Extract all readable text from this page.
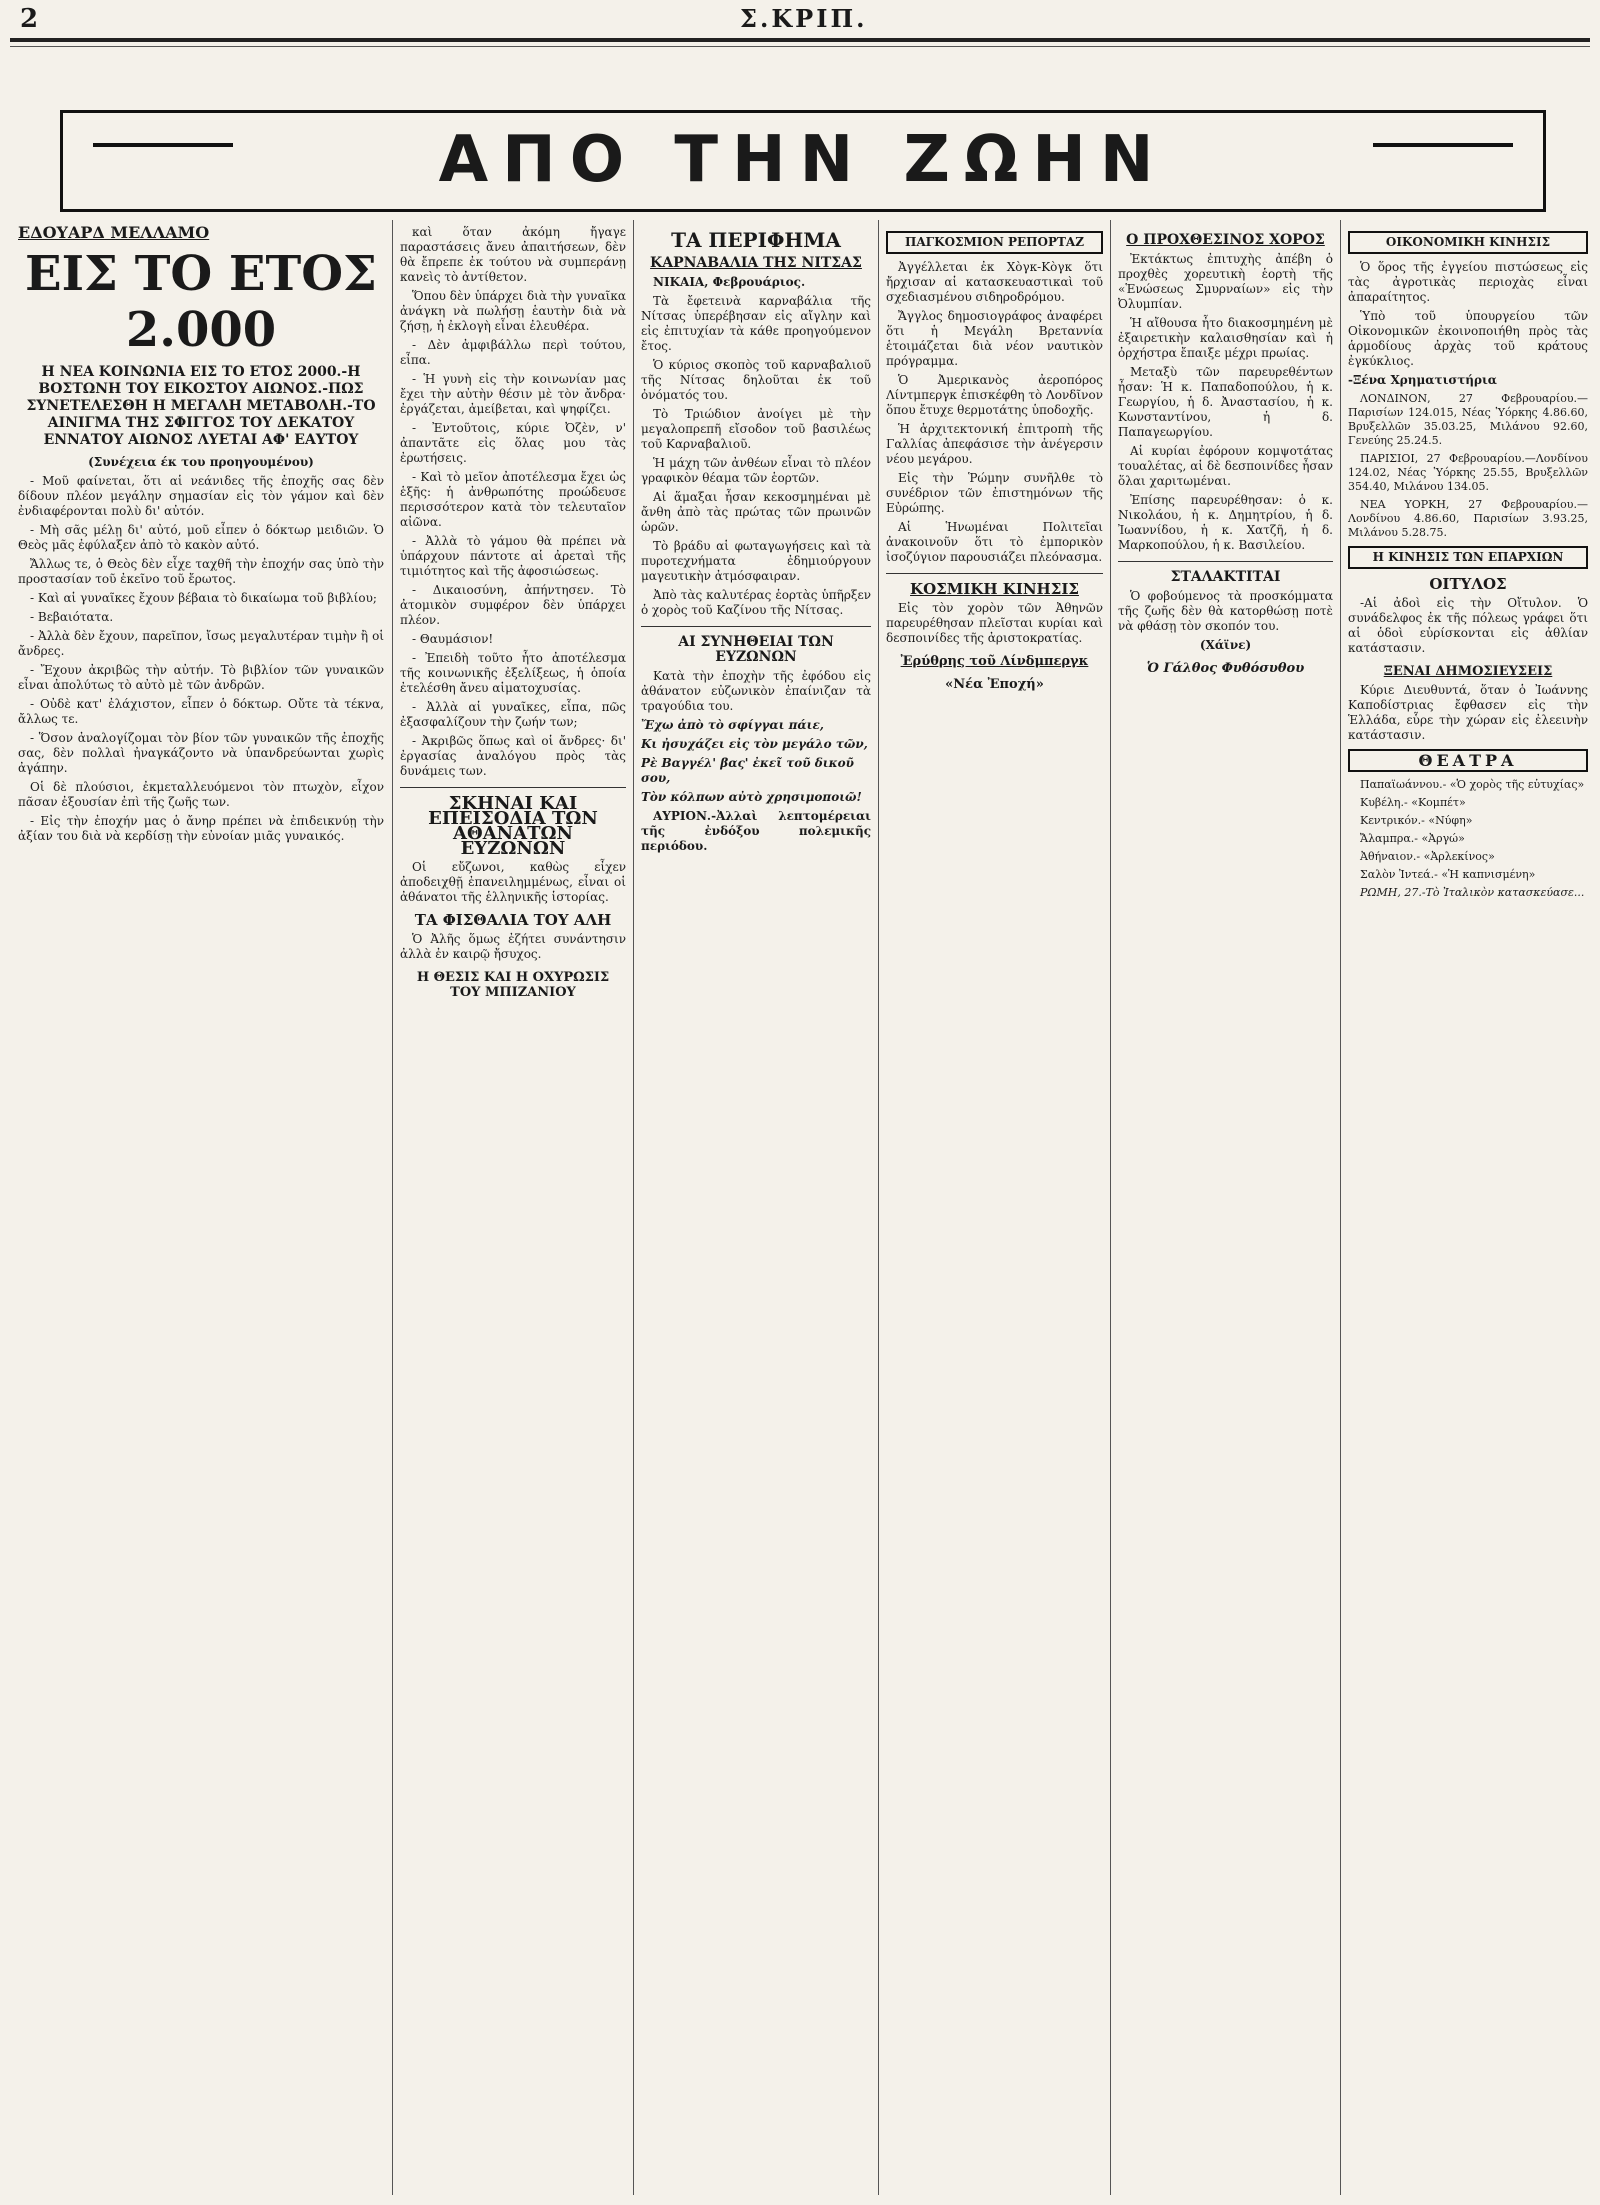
2	Σ.ΚΡΙΠ.
ΑΠΟ ΤΗΝ ΖΩΗΝ
ΕΔΟΥΑΡΔ ΜΕΛΛΑΜΟ
ΕΙΣ ΤΟ ΕΤΟΣ 2.000
Η ΝΕΑ ΚΟΙΝΩΝΙΑ ΕΙΣ ΤΟ ΕΤΟΣ 2000.-Η ΒΟΣΤΩΝΗ ΤΟΥ ΕΙΚΟΣΤΟΥ ΑΙΩΝΟΣ.-ΠΩΣ ΣΥΝΕΤΕΛΕΣΘΗ Η ΜΕΓΑΛΗ ΜΕΤΑΒΟΛΗ.-ΤΟ ΑΙΝΙΓΜΑ ΤΗΣ ΣΦΙΓΓΟΣ ΤΟΥ ΔΕΚΑΤΟΥ ΕΝΝΑΤΟΥ ΑΙΩΝΟΣ ΛΥΕΤΑΙ ΑΦ' ΕΑΥΤΟΥ

(Συνέχεια έκ του προηγουμένου)

- Μοῦ φαίνεται, ὅτι αἱ νεάνιδες τῆς ἐποχῆς σας δὲν δίδουν πλέον μεγάλην σημασίαν εἰς τὸν γάμον καὶ δὲν ἐνδιαφέρονται πολὺ δι' αὐτόν.

- Μὴ σᾶς μέλῃ δι' αὐτό, μοῦ εἶπεν ὁ δόκτωρ μειδιῶν. Ὁ Θεὸς μᾶς ἐφύλαξεν ἀπὸ τὸ κακὸν αὐτό.

Ἄλλως τε, ὁ Θεὸς δὲν εἶχε ταχθῆ τὴν ἐποχήν σας ὑπὸ τὴν προστασίαν τοῦ ἐκεῖνο τοῦ ἔρωτος.

- Καὶ αἱ γυναῖκες ἔχουν βέβαια τὸ δικαίωμα τοῦ βιβλίου;

- Βεβαιότατα.

- Ἀλλὰ δὲν ἔχουν, παρεῖπον, ἴσως μεγαλυτέραν τιμὴν ἢ οἱ ἄνδρες.

- Ἔχουν ἀκριβῶς τὴν αὐτήν. Τὸ βιβλίον τῶν γυναικῶν εἶναι ἀπολύτως τὸ αὐτὸ μὲ τῶν ἀνδρῶν.

- Οὐδὲ κατ' ἐλάχιστον, εἶπεν ὁ δόκτωρ. Οὔτε τὰ τέκνα, ἄλλως τε.

- Ὅσον ἀναλογίζομαι τὸν βίον τῶν γυναικῶν τῆς ἐποχῆς σας, δὲν πολλαὶ ἠναγκάζοντο νὰ ὑπανδρεύωνται χωρὶς ἀγάπην.

Οἱ δὲ πλούσιοι, ἐκμεταλλευόμενοι τὸν πτωχὸν, εἶχον πᾶσαν ἐξουσίαν ἐπὶ τῆς ζωῆς των.

- Εἰς τὴν ἐποχήν μας ὁ ἄνηρ πρέπει νὰ ἐπιδεικνύῃ τὴν ἀξίαν του διὰ νὰ κερδίσῃ τὴν εὐνοίαν μιᾶς γυναικός.

καὶ ὅταν ἀκόμη ἤγαγε παραστάσεις ἄνευ ἀπαιτήσεων, δὲν θὰ ἔπρεπε ἐκ τούτου νὰ συμπεράνῃ κανεὶς τὸ ἀντίθετον.

Ὅπου δὲν ὑπάρχει διὰ τὴν γυναῖκα ἀνάγκη νὰ πωλήσῃ ἑαυτὴν διὰ νὰ ζήσῃ, ἡ ἐκλογὴ εἶναι ἐλευθέρα.

- Δὲν ἀμφιβάλλω περὶ τούτου, εἶπα.

- Ἡ γυνὴ εἰς τὴν κοινωνίαν μας ἔχει τὴν αὐτὴν θέσιν μὲ τὸν ἄνδρα· ἐργάζεται, ἀμείβεται, καὶ ψηφίζει.

- Ἐντοῦτοις, κύριε Ὀζὲν, ν' ἀπαντᾶτε εἰς ὅλας μου τὰς ἐρωτήσεις.

- Καὶ τὸ μεῖον ἀποτέλεσμα ἔχει ὡς ἑξῆς: ἡ ἀνθρωπότης προώδευσε περισσότερον κατὰ τὸν τελευταῖον αἰῶνα.

- Ἀλλὰ τὸ γάμου θὰ πρέπει νὰ ὑπάρχουν πάντοτε αἱ ἀρεταὶ τῆς τιμιότητος καὶ τῆς ἀφοσιώσεως.

- Δικαιοσύνη, ἀπήντησεν. Τὸ ἀτομικὸν συμφέρον δὲν ὑπάρχει πλέον.

- Θαυμάσιον!

- Ἐπειδὴ τοῦτο ἦτο ἀποτέλεσμα τῆς κοινωνικῆς ἐξελίξεως, ἡ ὁποία ἐτελέσθη ἄνευ αἱματοχυσίας.

- Ἀλλὰ αἱ γυναῖκες, εἶπα, πῶς ἐξασφαλίζουν τὴν ζωήν των;

- Ἀκριβῶς ὅπως καὶ οἱ ἄνδρες· δι' ἐργασίας ἀναλόγου πρὸς τὰς δυνάμεις των.

ΣΚΗΝΑΙ ΚΑΙ ΕΠΕΙΣΟΔΙΑ ΤΩΝ ΑΘΑΝΑΤΩΝ ΕΥΖΩΝΩΝ

Οἱ εὔζωνοι, καθὼς εἶχεν ἀποδειχθῇ ἐπανειλημμένως, εἶναι οἱ ἀθάνατοι τῆς ἑλληνικῆς ἱστορίας.

ΤΑ ΦΙΣΘΑΛΙΑ ΤΟΥ ΑΛΗ

Ὁ Ἀλῆς ὅμως ἐζήτει συνάντησιν ἀλλὰ ἐν καιρῷ ἤσυχος.

Η ΘΕΣΙΣ ΚΑΙ Η ΟΧΥΡΩΣΙΣ ΤΟΥ ΜΠΙΖΑΝΙΟΥ
ΤΑ ΠΕΡΙΦΗΜΑ
ΚΑΡΝΑΒΑΛΙΑ ΤΗΣ ΝΙΤΣΑΣ

ΝΙΚΑΙΑ, Φεβρουάριος.

Τὰ ἔφετεινὰ καρναβάλια τῆς Νίτσας ὑπερέβησαν εἰς αἴγλην καὶ εἰς ἐπιτυχίαν τὰ κάθε προηγούμενον ἔτος.

Ὁ κύριος σκοπὸς τοῦ καρναβαλιοῦ τῆς Νίτσας δηλοῦται ἐκ τοῦ ὀνόματός του.

Τὸ Τριώδιον ἀνοίγει μὲ τὴν μεγαλοπρεπῆ εἴσοδον τοῦ βασιλέως τοῦ Καρναβαλιοῦ.

Ἡ μάχη τῶν ἀνθέων εἶναι τὸ πλέον γραφικὸν θέαμα τῶν ἑορτῶν.

Αἱ ἅμαξαι ἦσαν κεκοσμημέναι μὲ ἄνθη ἀπὸ τὰς πρώτας τῶν πρωινῶν ὡρῶν.

Τὸ βράδυ αἱ φωταγωγήσεις καὶ τὰ πυροτεχνήματα ἐδημιούργουν μαγευτικὴν ἀτμόσφαιραν.

Ἀπὸ τὰς καλυτέρας ἑορτὰς ὑπῆρξεν ὁ χορὸς τοῦ Καζίνου τῆς Νίτσας.

ΑΙ ΣΥΝΗΘΕΙΑΙ ΤΩΝ ΕΥΖΩΝΩΝ

Κατὰ τὴν ἐποχὴν τῆς ἐφόδου εἰς ἀθάνατον εὐζωνικὸν ἐπαίνιζαν τὰ τραγούδια του.

Ἔχω ἀπὸ τὸ σφίγγαι πάιε,

Κι ἠσυχάζει εἰς τὸν μεγάλο τῶν,

Ρὲ Βαγγέλ' βας' ἐκεῖ τοῦ δικοῦ σου,

Τὸν κόλπων αὐτὸ χρησιμοποιῶ!

ΑΥΡΙΟΝ.-Ἀλλαὶ λεπτομέρειαι τῆς ἐνδόξου πολεμικῆς περιόδου.

ΠΑΓΚΟΣΜΙΟΝ ΡΕΠΟΡΤΑΖ

Ἀγγέλλεται ἐκ Χὸγκ-Κὸγκ ὅτι ἤρχισαν αἱ κατασκευαστικαὶ τοῦ σχεδιασμένου σιδηροδρόμου.

Ἄγγλος δημοσιογράφος ἀναφέρει ὅτι ἡ Μεγάλη Βρεταννία ἑτοιμάζεται διὰ νέον ναυτικὸν πρόγραμμα.

Ὁ Ἀμερικανὸς ἀεροπόρος Λίντμπεργκ ἐπισκέφθη τὸ Λονδῖνον ὅπου ἔτυχε θερμοτάτης ὑποδοχῆς.

Ἡ ἀρχιτεκτονική ἐπιτροπὴ τῆς Γαλλίας ἀπεφάσισε τὴν ἀνέγερσιν νέου μεγάρου.

Εἰς τὴν Ῥώμην συνῆλθε τὸ συνέδριον τῶν ἐπιστημόνων τῆς Εὐρώπης.

Αἱ Ἡνωμέναι Πολιτεῖαι ἀνακοινοῦν ὅτι τὸ ἐμπορικὸν ἰσοζύγιον παρουσιάζει πλεόνασμα.

ΚΟΣΜΙΚΗ ΚΙΝΗΣΙΣ

Εἰς τὸν χορὸν τῶν Ἀθηνῶν παρευρέθησαν πλεῖσται κυρίαι καὶ δεσποινίδες τῆς ἀριστοκρατίας.

Ἐρύθρης τοῦ Λίνδμπεργκ
«Νέα Ἐποχή»
Ο ΠΡΟΧΘΕΣΙΝΟΣ ΧΟΡΟΣ

Ἐκτάκτως ἐπιτυχὴς ἀπέβη ὁ προχθὲς χορευτικὴ ἑορτὴ τῆς «Ἑνώσεως Σμυρναίων» εἰς τὴν Ὀλυμπίαν.

Ἡ αἴθουσα ἦτο διακοσμημένη μὲ ἐξαιρετικὴν καλαισθησίαν καὶ ἡ ὀρχήστρα ἔπαιξε μέχρι πρωίας.

Μεταξὺ τῶν παρευρεθέντων ἦσαν: Ἡ κ. Παπαδοπούλου, ἡ κ. Γεωργίου, ἡ δ. Ἀναστασίου, ἡ κ. Κωνσταντίνου, ἡ δ. Παπαγεωργίου.

Αἱ κυρίαι ἐφόρουν κομψοτάτας τουαλέτας, αἱ δὲ δεσποινίδες ἦσαν ὅλαι χαριτωμέναι.

Ἐπίσης παρευρέθησαν: ὁ κ. Νικολάου, ἡ κ. Δημητρίου, ἡ δ. Ἰωαννίδου, ἡ κ. Χατζῆ, ἡ δ. Μαρκοπούλου, ἡ κ. Βασιλείου.

ΣΤΑΛΑΚΤΙΤΑΙ

Ὁ φοβούμενος τὰ προσκόμματα τῆς ζωῆς δὲν θὰ κατορθώσῃ ποτὲ νὰ φθάσῃ τὸν σκοπόν του.

(Χάϊνε)

Ὁ Γάλθος Φυθόσυθου
ΟΙΚΟΝΟΜΙΚΗ ΚΙΝΗΣΙΣ

Ὁ ὅρος τῆς ἐγγείου πιστώσεως εἰς τὰς ἀγροτικὰς περιοχὰς εἶναι ἀπαραίτητος.

Ὑπὸ τοῦ ὑπουργείου τῶν Οἰκονομικῶν ἐκοινοποιήθη πρὸς τὰς ἁρμοδίους ἀρχὰς τοῦ κράτους ἐγκύκλιος.

-Ξένα Χρηματιστήρια

ΛΟΝΔΙΝΟΝ, 27 Φεβρουαρίου.—Παρισίων 124.015, Νέας Ὑόρκης 4.86.60, Βρυξελλῶν 35.03.25, Μιλάνου 92.60, Γενεύης 25.24.5.

ΠΑΡΙΣΙΟΙ, 27 Φεβρουαρίου.—Λονδίνου 124.02, Νέας Ὑόρκης 25.55, Βρυξελλῶν 354.40, Μιλάνου 134.05.

ΝΕΑ ΥΟΡΚΗ, 27 Φεβρουαρίου.—Λονδίνου 4.86.60, Παρισίων 3.93.25, Μιλάνου 5.28.75.

Η ΚΙΝΗΣΙΣ ΤΩΝ ΕΠΑΡΧΙΩΝ
ΟΙΤΥΛΟΣ

-Αἱ ἀδοὶ εἰς τὴν Οἴτυλον. Ὁ συνάδελφος ἐκ τῆς πόλεως γράφει ὅτι αἱ ὁδοὶ εὑρίσκονται εἰς ἀθλίαν κατάστασιν.

ΞΕΝΑΙ ΔΗΜΟΣΙΕΥΣΕΙΣ

Κύριε Διευθυντά, ὅταν ὁ Ἰωάννης Καποδίστριας ἔφθασεν εἰς τὴν Ἑλλάδα, εὗρε τὴν χώραν εἰς ἐλεεινὴν κατάστασιν.

ΘΕΑΤΡΑ

Παπαϊωάννου.- «Ὁ χορὸς τῆς εὐτυχίας»

Κυβέλη.- «Κομπέτ»

Κεντρικόν.- «Νύφη»

Ἄλαμπρα.- «Ἀργώ»

Ἀθήναιον.- «Ἀρλεκίνος»

Σαλὸν Ἰντεά.- «Ἡ καπνισμένη»

ΡΩΜΗ, 27.-Τὸ Ἰταλικὸν κατασκεύασε...
